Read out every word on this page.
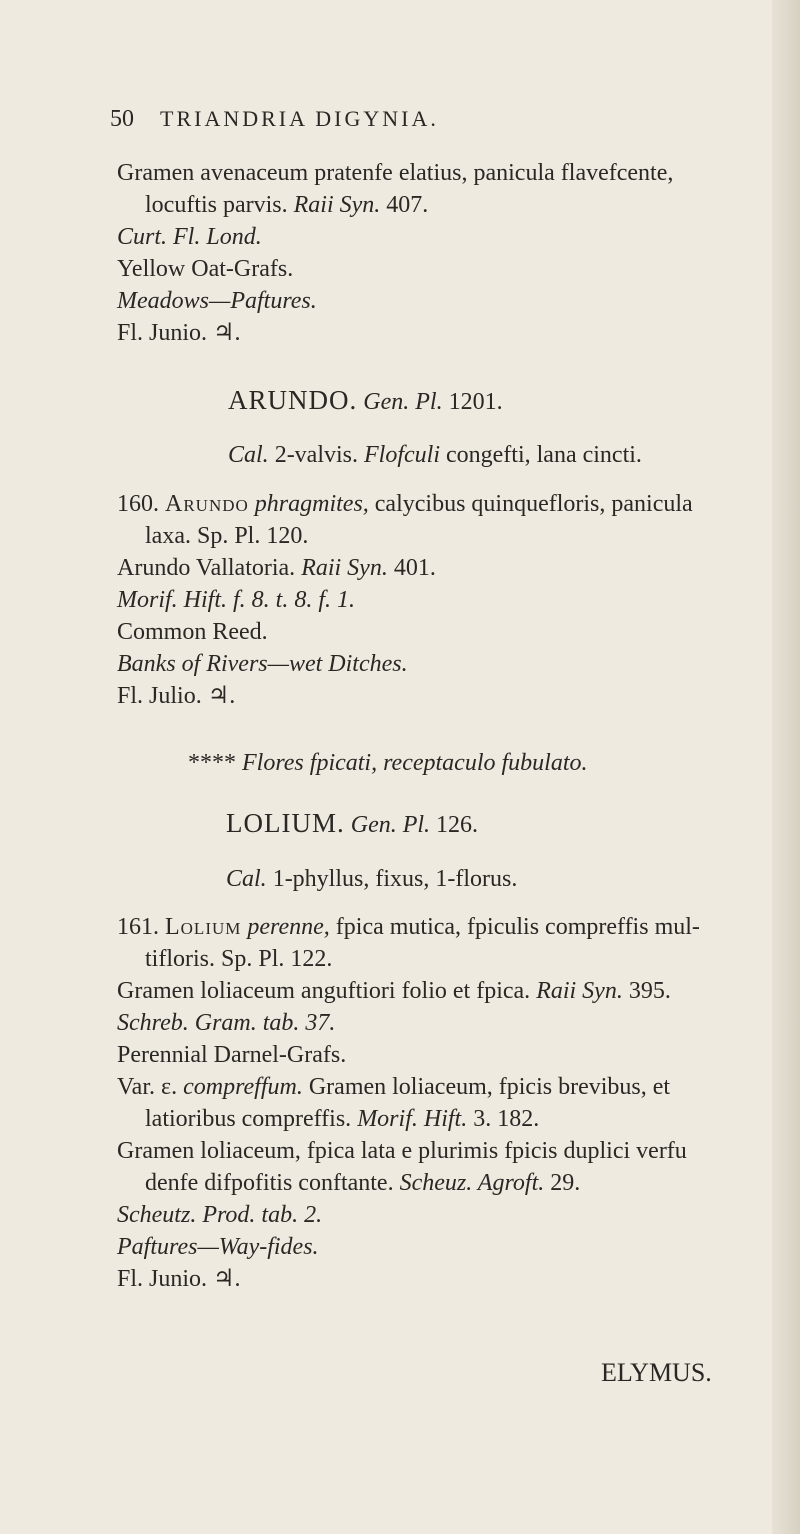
50 TRIANDRIA DIGYNIA.
Gramen avenaceum pratenfe elatius, panicula flavefcente,
locuftis parvis. Raii Syn. 407.
Curt. Fl. Lond.
Yellow Oat-Grafs.
Meadows—Paftures.
Fl. Junio. ♃.
ARUNDO. Gen. Pl. 1201.
Cal. 2-valvis. Flofculi congefti, lana cincti.
160. Arundo phragmites, calycibus quinquefloris, panicula
laxa. Sp. Pl. 120.
Arundo Vallatoria. Raii Syn. 401.
Morif. Hift. f. 8. t. 8. f. 1.
Common Reed.
Banks of Rivers—wet Ditches.
Fl. Julio. ♃.
**** Flores fpicati, receptaculo fubulato.
LOLIUM. Gen. Pl. 126.
Cal. 1-phyllus, fixus, 1-florus.
161. Lolium perenne, fpica mutica, fpiculis compreffis mul-
tifloris. Sp. Pl. 122.
Gramen loliaceum anguftiori folio et fpica. Raii Syn. 395.
Schreb. Gram. tab. 37.
Perennial Darnel-Grafs.
Var. ε. compreffum. Gramen loliaceum, fpicis brevibus, et
latioribus compreffis. Morif. Hift. 3. 182.
Gramen loliaceum, fpica lata e plurimis fpicis duplici verfu
denfe difpofitis conftante. Scheuz. Agroft. 29.
Scheutz. Prod. tab. 2.
Paftures—Way-fides.
Fl. Junio. ♃.
ELYMUS.
